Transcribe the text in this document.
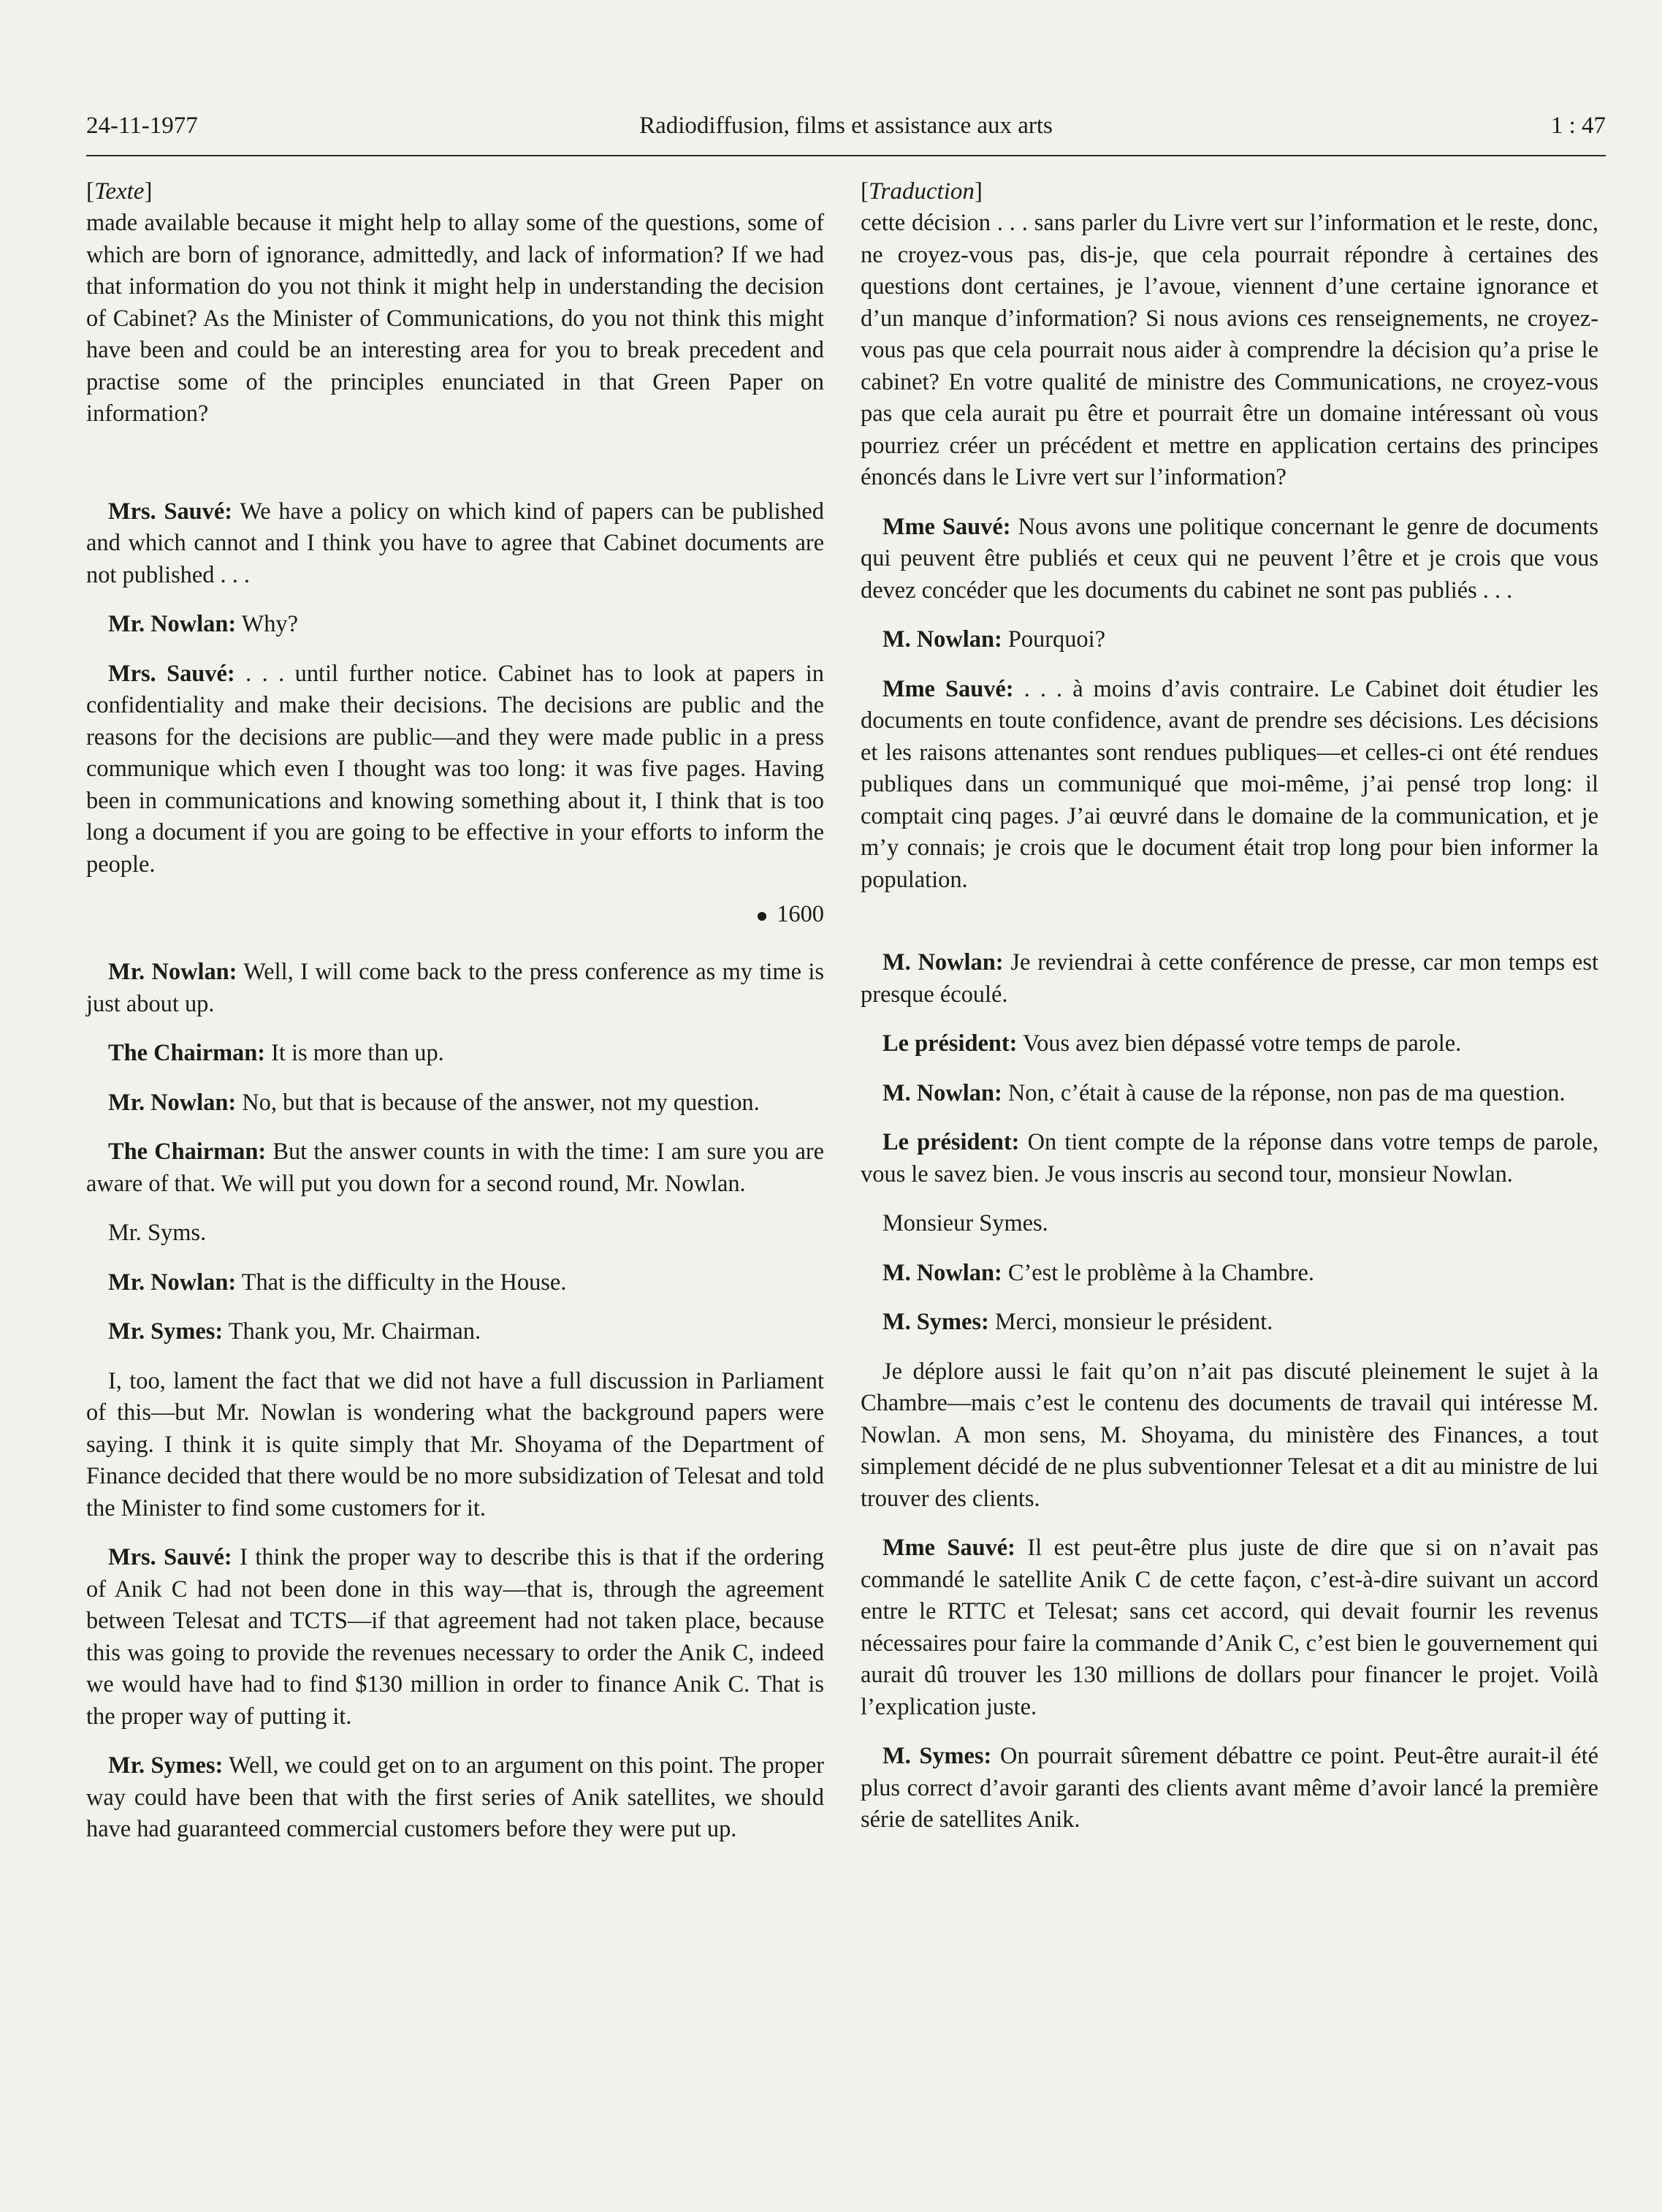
24-11-1977	Radiodiffusion, films et assistance aux arts	1 : 47

[Texte]

made available because it might help to allay some of the questions, some of which are born of ignorance, admittedly, and lack of information? If we had that information do you not think it might help in understanding the decision of Cabinet? As the Minister of Communications, do you not think this might have been and could be an interesting area for you to break precedent and practise some of the principles enunciated in that Green Paper on information?

Mrs. Sauvé: We have a policy on which kind of papers can be published and which cannot and I think you have to agree that Cabinet documents are not published . . .

Mr. Nowlan: Why?

Mrs. Sauvé: . . . until further notice. Cabinet has to look at papers in confidentiality and make their decisions. The decisions are public and the reasons for the decisions are public—and they were made public in a press communique which even I thought was too long: it was five pages. Having been in communications and knowing something about it, I think that is too long a document if you are going to be effective in your efforts to inform the people.

1600

Mr. Nowlan: Well, I will come back to the press conference as my time is just about up.

The Chairman: It is more than up.

Mr. Nowlan: No, but that is because of the answer, not my question.

The Chairman: But the answer counts in with the time: I am sure you are aware of that. We will put you down for a second round, Mr. Nowlan.

Mr. Syms.

Mr. Nowlan: That is the difficulty in the House.

Mr. Symes: Thank you, Mr. Chairman.

I, too, lament the fact that we did not have a full discussion in Parliament of this—but Mr. Nowlan is wondering what the background papers were saying. I think it is quite simply that Mr. Shoyama of the Department of Finance decided that there would be no more subsidization of Telesat and told the Minister to find some customers for it.

Mrs. Sauvé: I think the proper way to describe this is that if the ordering of Anik C had not been done in this way—that is, through the agreement between Telesat and TCTS—if that agreement had not taken place, because this was going to provide the revenues necessary to order the Anik C, indeed we would have had to find $130 million in order to finance Anik C. That is the proper way of putting it.

Mr. Symes: Well, we could get on to an argument on this point. The proper way could have been that with the first series of Anik satellites, we should have had guaranteed commercial customers before they were put up.

[Traduction]

cette décision . . . sans parler du Livre vert sur l’information et le reste, donc, ne croyez-vous pas, dis-je, que cela pourrait répondre à certaines des questions dont certaines, je l’avoue, viennent d’une certaine ignorance et d’un manque d’information? Si nous avions ces renseignements, ne croyez-vous pas que cela pourrait nous aider à comprendre la décision qu’a prise le cabinet? En votre qualité de ministre des Communications, ne croyez-vous pas que cela aurait pu être et pourrait être un domaine intéressant où vous pourriez créer un précédent et mettre en application certains des principes énoncés dans le Livre vert sur l’information?

Mme Sauvé: Nous avons une politique concernant le genre de documents qui peuvent être publiés et ceux qui ne peuvent l’être et je crois que vous devez concéder que les documents du cabinet ne sont pas publiés . . .

M. Nowlan: Pourquoi?

Mme Sauvé: . . . à moins d’avis contraire. Le Cabinet doit étudier les documents en toute confidence, avant de prendre ses décisions. Les décisions et les raisons attenantes sont rendues publiques—et celles-ci ont été rendues publiques dans un communiqué que moi-même, j’ai pensé trop long: il comptait cinq pages. J’ai œuvré dans le domaine de la communication, et je m’y connais; je crois que le document était trop long pour bien informer la population.

M. Nowlan: Je reviendrai à cette conférence de presse, car mon temps est presque écoulé.

Le président: Vous avez bien dépassé votre temps de parole.

M. Nowlan: Non, c’était à cause de la réponse, non pas de ma question.

Le président: On tient compte de la réponse dans votre temps de parole, vous le savez bien. Je vous inscris au second tour, monsieur Nowlan.

Monsieur Symes.

M. Nowlan: C’est le problème à la Chambre.

M. Symes: Merci, monsieur le président.

Je déplore aussi le fait qu’on n’ait pas discuté pleinement le sujet à la Chambre—mais c’est le contenu des documents de travail qui intéresse M. Nowlan. A mon sens, M. Shoyama, du ministère des Finances, a tout simplement décidé de ne plus subventionner Telesat et a dit au ministre de lui trouver des clients.

Mme Sauvé: Il est peut-être plus juste de dire que si on n’avait pas commandé le satellite Anik C de cette façon, c’est-à-dire suivant un accord entre le RTTC et Telesat; sans cet accord, qui devait fournir les revenus nécessaires pour faire la commande d’Anik C, c’est bien le gouvernement qui aurait dû trouver les 130 millions de dollars pour financer le projet. Voilà l’explication juste.

M. Symes: On pourrait sûrement débattre ce point. Peut-être aurait-il été plus correct d’avoir garanti des clients avant même d’avoir lancé la première série de satellites Anik.
